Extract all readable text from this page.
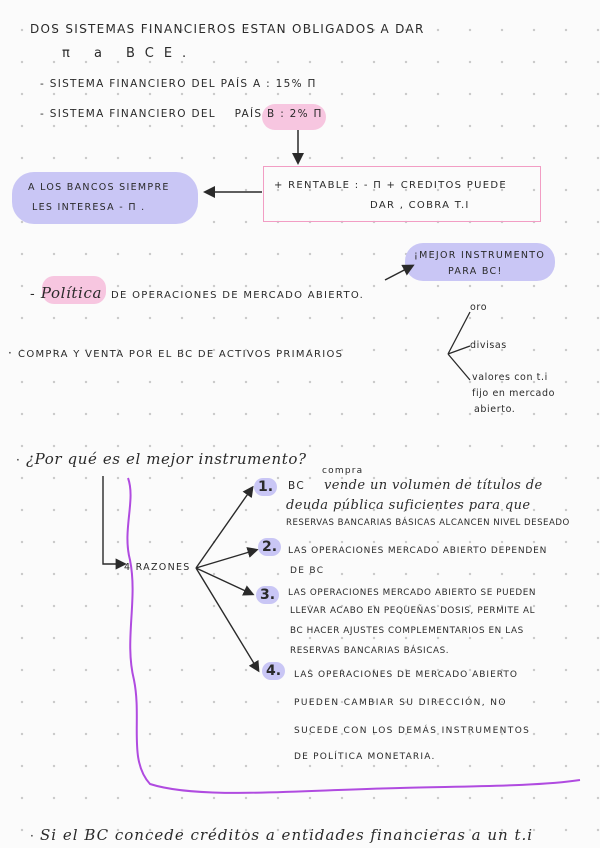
DOS SISTEMAS FINANCIEROS ESTAN OBLIGADOS A DAR
π a BCE.
- SISTEMA FINANCIERO DEL PAÍS A : 15% Π
- SISTEMA FINANCIERO DEL PAÍS B : 2% Π
+ RENTABLE : - Π + CREDITOS PUEDE
DAR , COBRA T.I
A LOS BANCOS SIEMPRE
LES INTERESA - Π .
¡MEJOR INSTRUMENTO
PARA BC!
- Política DE OPERACIONES DE MERCADO ABIERTO.
· COMPRA Y VENTA POR EL BC DE ACTIVOS PRIMARIOS
oro
divisas
valores con t.i
fijo en mercado
abierto.
· ¿Por qué es el mejor instrumento?
4 RAZONES
1.	BC
compra
vende un volumen de títulos de
deuda pública suficientes para que
RESERVAS BANCARIAS BÁSICAS ALCANCEN NIVEL DESEADO
2.	LAS OPERACIONES MERCADO ABIERTO DEPENDEN
DE BC
3.	LAS OPERACIONES MERCADO ABIERTO SE PUEDEN
LLEVAR ACABO EN PEQUEÑAS DOSIS, PERMITE AL
BC HACER AJUSTES COMPLEMENTARIOS EN LAS
RESERVAS BANCARIAS BÁSICAS.
4.	LAS OPERACIONES DE MERCADO ABIERTO
PUEDEN CAMBIAR SU DIRECCIÓN, NO
SUCEDE CON LOS DEMÁS INSTRUMENTOS
DE POLÍTICA MONETARIA.
· Si el BC concede créditos a entidades financieras a un t.i
